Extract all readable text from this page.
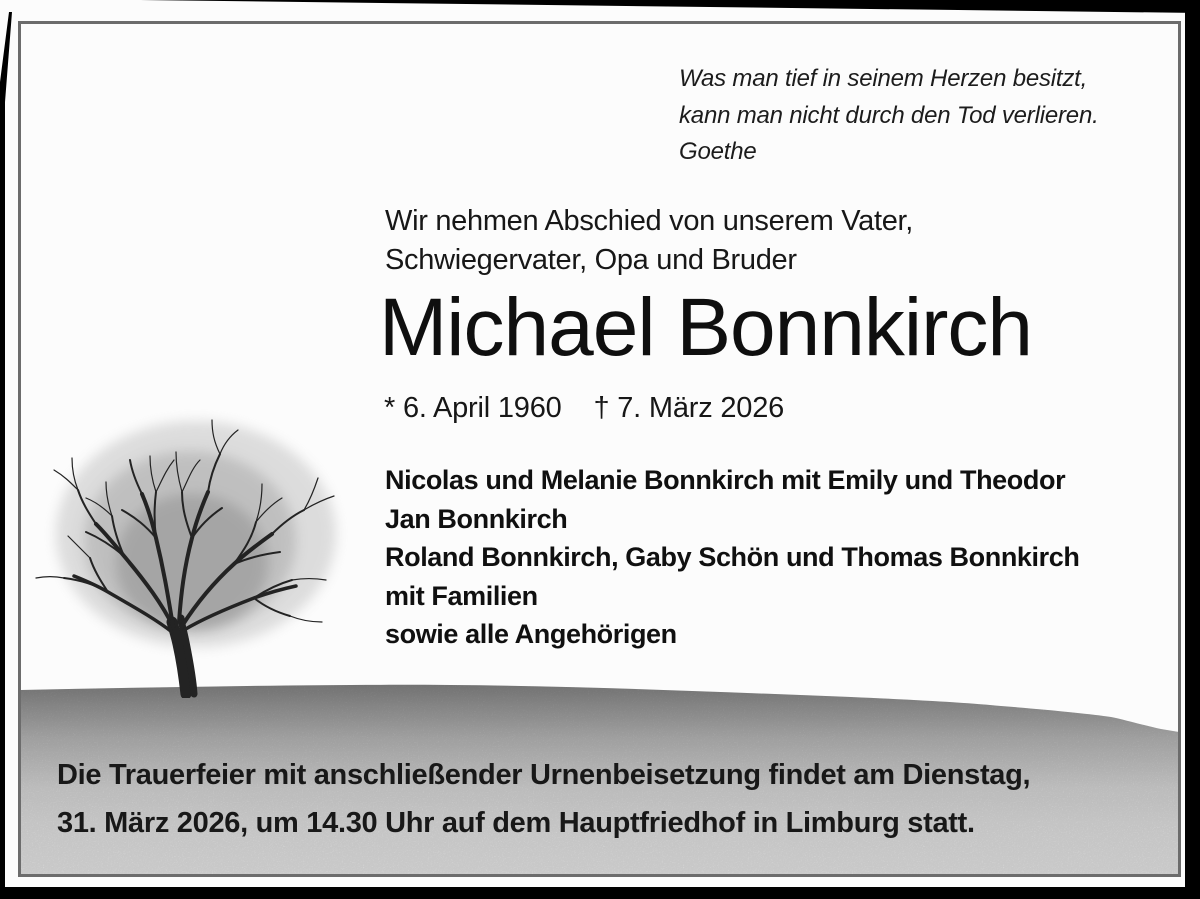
Was man tief in seinem Herzen besitzt,
kann man nicht durch den Tod verlieren.
Goethe
Wir nehmen Abschied von unserem Vater,
Schwiegervater, Opa und Bruder
Michael Bonnkirch
* 6. April 1960 † 7. März 2026
Nicolas und Melanie Bonnkirch mit Emily und Theodor
Jan Bonnkirch
Roland Bonnkirch, Gaby Schön und Thomas Bonnkirch
mit Familien
sowie alle Angehörigen
Die Trauerfeier mit anschließender Urnenbeisetzung findet am Dienstag,
31. März 2026, um 14.30 Uhr auf dem Hauptfriedhof in Limburg statt.
